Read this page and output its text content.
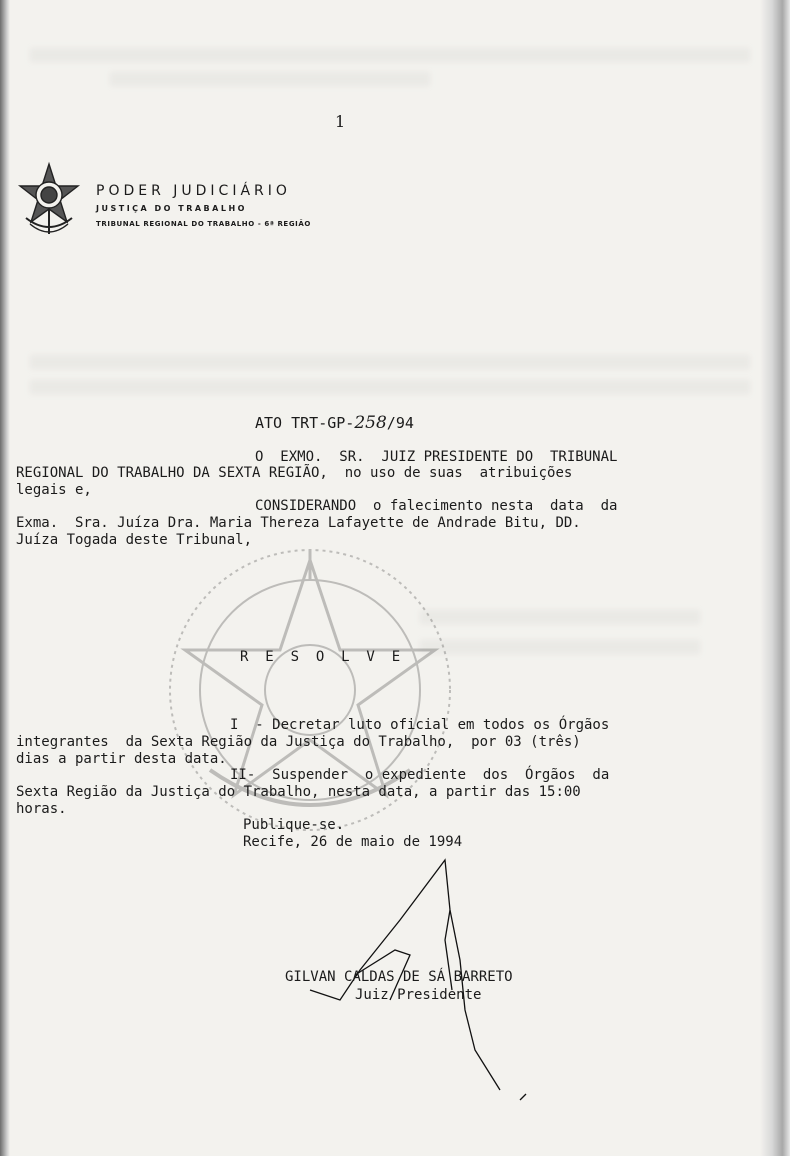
1
PODER JUDICIÁRIO
JUSTIÇA DO TRABALHO
TRIBUNAL REGIONAL DO TRABALHO - 6ª REGIÃO
ATO TRT-GP-258/94
O  EXMO.  SR.  JUIZ PRESIDENTE DO  TRIBUNAL
REGIONAL DO TRABALHO DA SEXTA REGIÃO,  no uso de suas  atribuições
legais e,
CONSIDERANDO  o falecimento nesta  data  da
Exma.  Sra. Juíza Dra. Maria Thereza Lafayette de Andrade Bitu, DD.
Juíza Togada deste Tribunal,
R  E  S  O  L  V  E
I  - Decretar luto oficial em todos os Órgãos
integrantes  da Sexta Região da Justiça do Trabalho,  por 03 (três)
dias a partir desta data.
II-  Suspender  o expediente  dos  Órgãos  da
Sexta Região da Justiça do Trabalho, nesta data, a partir das 15:00
horas.
Publique-se.
Recife, 26 de maio de 1994
GILVAN CALDAS DE SÁ BARRETO
Juiz Presidente
